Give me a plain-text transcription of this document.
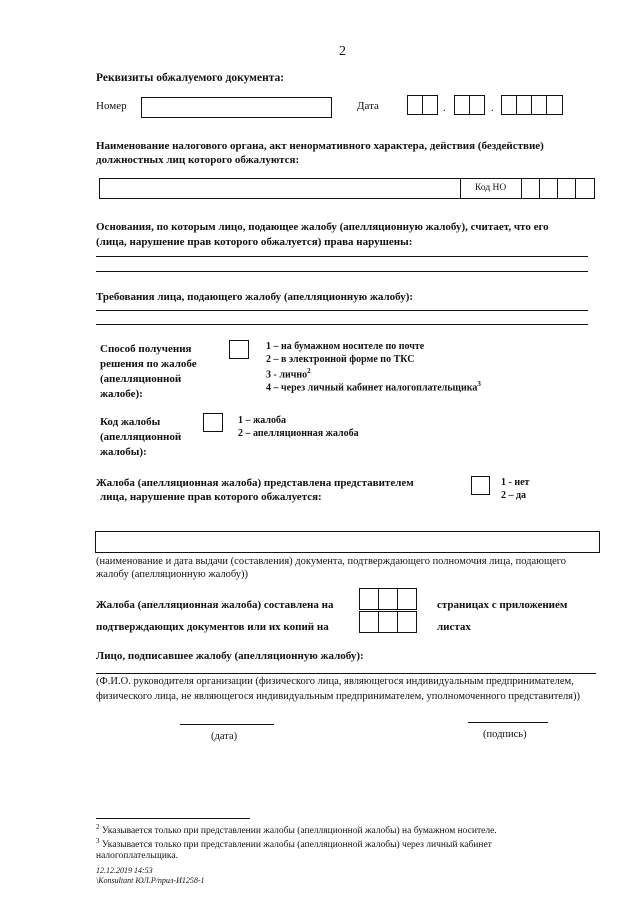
2
Реквизиты обжалуемого документа:
Номер	Дата	.	.
Наименование налогового органа, акт ненормативного характера, действия (бездействие)
должностных лиц которого обжалуются:
Код НО
Основания, по которым лицо, подающее жалобу (апелляционную жалобу), считает, что его
(лица, нарушение прав которого обжалуется) права нарушены:
Требования лица, подающего жалобу (апелляционную жалобу):
Способ получения
решения по жалобе
(апелляционной
жалобе):
1 – на бумажном носителе по почте
2 – в электронной форме по ТКС
3 - лично$^2$
4 – через личный кабинет налогоплательщика$^3$
Код жалобы
(апелляционной
жалобы):
1 – жалоба
2 – апелляционная жалоба
Жалоба (апелляционная жалоба) представлена представителем
лица, нарушение прав которого обжалуется:
1 - нет
2 – да
(наименование и дата выдачи (составления) документа, подтверждающего полномочия лица, подающего
жалобу (апелляционную жалобу))
Жалоба (апелляционная жалоба) составлена на	страницах с приложением
подтверждающих документов или их копий на	листах
Лицо, подписавшее жалобу (апелляционную жалобу):
(Ф.И.О. руководителя организации (физического лица, являющегося индивидуальным предпринимателем,
физического лица, не являющегося индивидуальным предпринимателем, уполномоченного представителя))
(дата)	(подпись)
$^2$ Указывается только при представлении жалобы (апелляционной жалобы) на бумажном носителе.
$^3$ Указывается только при представлении жалобы (апелляционной жалобы) через личный кабинет
налогоплательщика.
12.12.2019 14:53
\Konsultant ЮЛ.Р/прил-И1258-1
